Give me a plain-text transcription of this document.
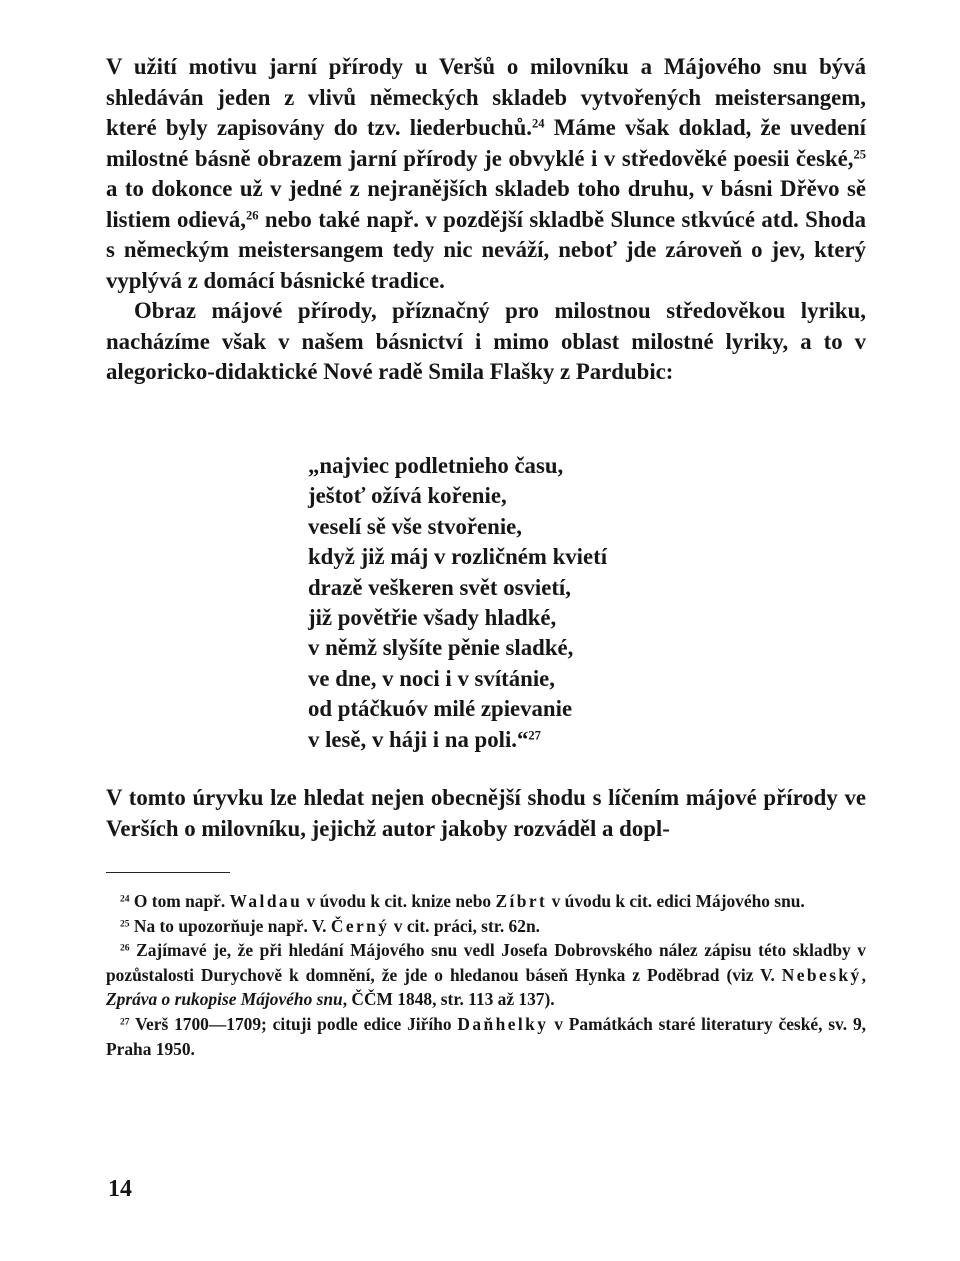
V užití motivu jarní přírody u Veršů o milovníku a Májového snu bývá shledáván jeden z vlivů německých skladeb vytvořených meistersangem, které byly zapisovány do tzv. liederbuchů.$^{24}$ Máme však doklad, že uvedení milostné básně obrazem jarní přírody je obvyklé i v středověké poesii české,$^{25}$ a to dokonce už v jedné z nejranějších skladeb toho druhu, v básni Dřěvo sě listiem odievá,$^{26}$ nebo také např. v pozdější skladbě Slunce stkvúcé atd. Shoda s německým meistersangem tedy nic neváží, neboť jde zároveň o jev, který vyplývá z domácí básnické tradice.

Obraz májové přírody, příznačný pro milostnou středověkou lyriku, nacházíme však v našem básnictví i mimo oblast milostné lyriky, a to v alegoricko-didaktické Nové radě Smila Flašky z Pardubic:

„najviec podletnieho času,
ještoť ožívá kořenie,
veselí sě vše stvořenie,
když již máj v rozličném kvietí
drazě veškeren svět osvietí,
již povětřie všady hladké,
v němž slyšíte pěnie sladké,
ve dne, v noci i v svítánie,
od ptáčkuóv milé zpievanie
v lesě, v háji i na poli.“$^{27}$
V tomto úryvku lze hledat nejen obecnější shodu s líčením májové přírody ve Verších o milovníku, jejichž autor jakoby rozváděl a dopl-

$^{24}$ O tom např. Waldau v úvodu k cit. knize nebo Zíbrt v úvodu k cit. edici Májového snu.

$^{25}$ Na to upozorňuje např. V. Černý v cit. práci, str. 62n.

$^{26}$ Zajímavé je, že při hledání Májového snu vedl Josefa Dobrovského nález zápisu této skladby v pozůstalosti Durychově k domnění, že jde o hledanou báseň Hynka z Poděbrad (viz V. Nebeský, Zpráva o rukopise Májového snu, ČČM 1848, str. 113 až 137).

$^{27}$ Verš 1700—1709; cituji podle edice Jiřího Daňhelky v Památkách staré literatury české, sv. 9, Praha 1950.

14
